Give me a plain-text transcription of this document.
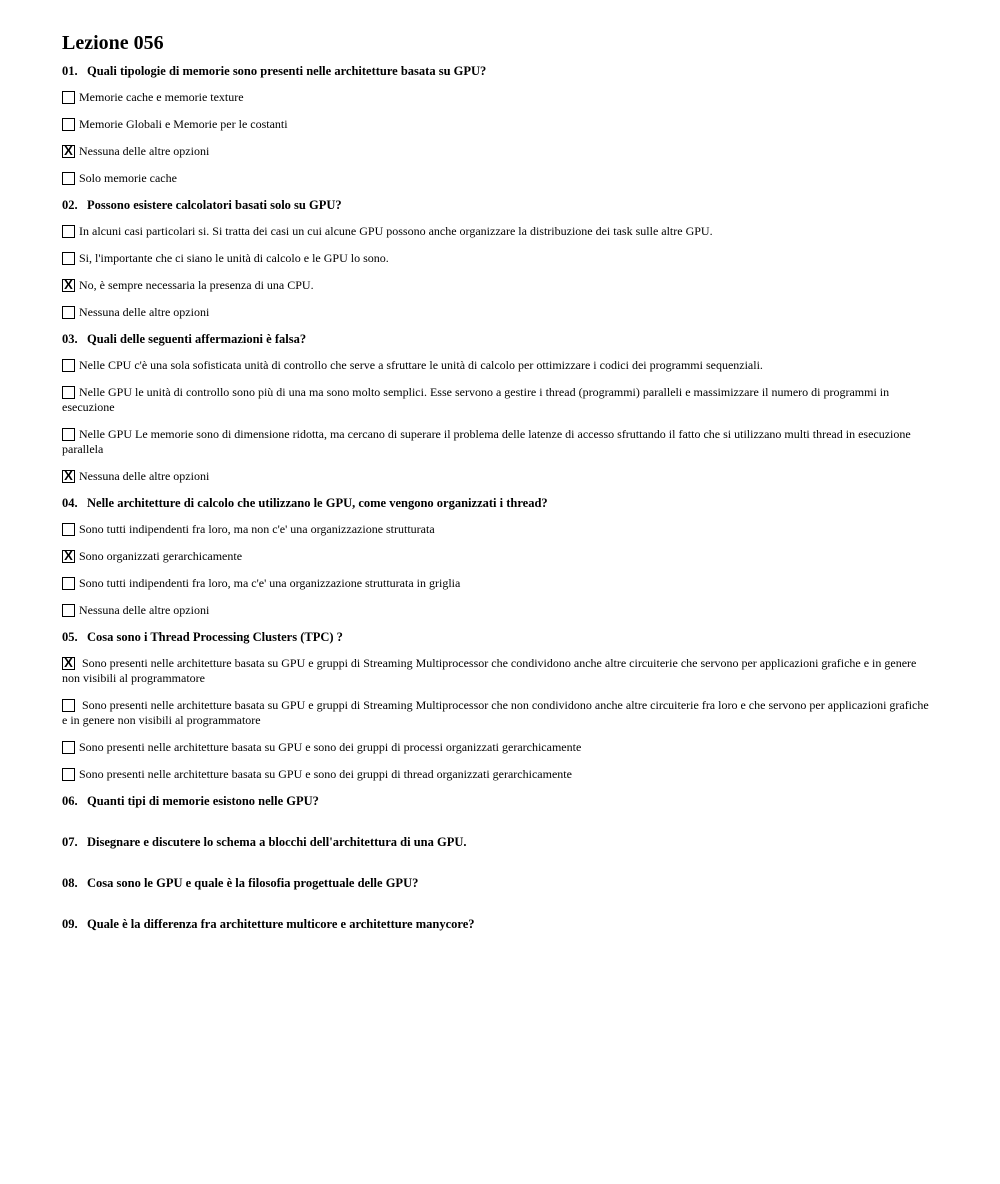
Lezione 056
01. Quali tipologie di memorie sono presenti nelle architetture basata su GPU?
Memorie cache e memorie texture
Memorie Globali e Memorie per le costanti
X Nessuna delle altre opzioni
Solo memorie cache
02. Possono esistere calcolatori basati solo su GPU?
In alcuni casi particolari si. Si tratta dei casi un cui alcune GPU possono anche organizzare la distribuzione dei task sulle altre GPU.
Si, l'importante che ci siano le unità di calcolo e le GPU lo sono.
X No, è sempre necessaria la presenza di una CPU.
Nessuna delle altre opzioni
03. Quali delle seguenti affermazioni è falsa?
Nelle CPU c'è una sola sofisticata unità di controllo che serve a sfruttare le unità di calcolo per ottimizzare i codici dei programmi sequenziali.
Nelle GPU le unità di controllo sono più di una ma sono molto semplici. Esse servono a gestire i thread (programmi) paralleli e massimizzare il numero di programmi in esecuzione
Nelle GPU Le memorie sono di dimensione ridotta, ma cercano di superare il problema delle latenze di accesso sfruttando il fatto che si utilizzano multi thread in esecuzione parallela
X Nessuna delle altre opzioni
04. Nelle architetture di calcolo che utilizzano le GPU, come vengono organizzati i thread?
Sono tutti indipendenti fra loro, ma non c'e' una organizzazione strutturata
X Sono organizzati gerarchicamente
Sono tutti indipendenti fra loro, ma c'e' una organizzazione strutturata in griglia
Nessuna delle altre opzioni
05. Cosa sono i Thread Processing Clusters (TPC) ?
X Sono presenti nelle architetture basata su GPU e gruppi di Streaming Multiprocessor che condividono anche altre circuiterie che servono per applicazioni grafiche e in genere non visibili al programmatore
Sono presenti nelle architetture basata su GPU e gruppi di Streaming Multiprocessor che non condividono anche altre circuiterie fra loro e che servono per applicazioni grafiche e in genere non visibili al programmatore
Sono presenti nelle architetture basata su GPU e sono dei gruppi di processi organizzati gerarchicamente
Sono presenti nelle architetture basata su GPU e sono dei gruppi di thread organizzati gerarchicamente
06. Quanti tipi di memorie esistono nelle GPU?
07. Disegnare e discutere lo schema a blocchi dell'architettura di una GPU.
08. Cosa sono le GPU e quale è la filosofia progettuale delle GPU?
09. Quale è la differenza fra architetture multicore e architetture manycore?
